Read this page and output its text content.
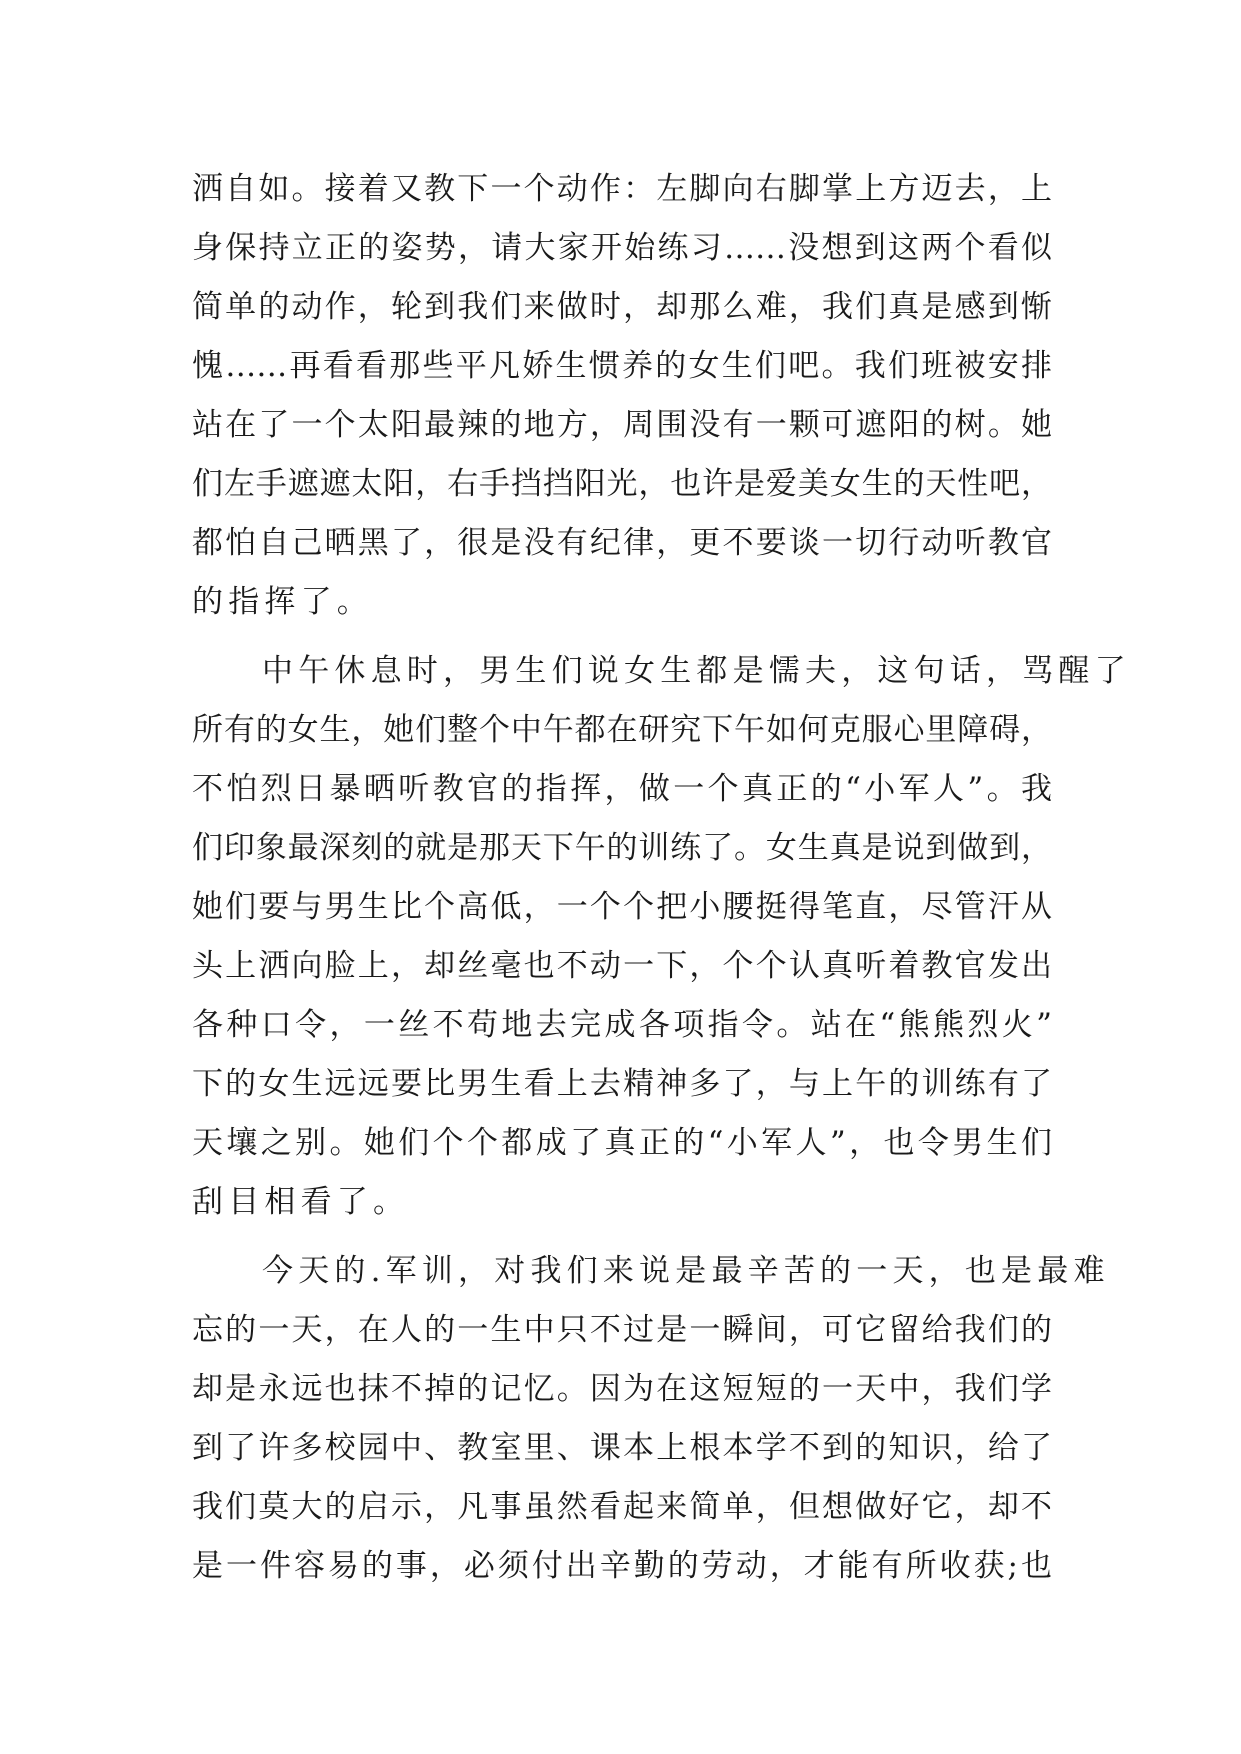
洒自如。接着又教下一个动作：左脚向右脚掌上方迈去，上
身保持立正的姿势，请大家开始练习……没想到这两个看似
简单的动作，轮到我们来做时，却那么难，我们真是感到惭
愧……再看看那些平凡娇生惯养的女生们吧。我们班被安排
站在了一个太阳最辣的地方，周围没有一颗可遮阳的树。她
们左手遮遮太阳，右手挡挡阳光，也许是爱美女生的天性吧，
都怕自己晒黑了，很是没有纪律，更不要谈一切行动听教官
的指挥了。
中午休息时，男生们说女生都是懦夫，这句话，骂醒了
所有的女生，她们整个中午都在研究下午如何克服心里障碍，
不怕烈日暴晒听教官的指挥，做一个真正的“小军人”。我
们印象最深刻的就是那天下午的训练了。女生真是说到做到，
她们要与男生比个高低，一个个把小腰挺得笔直，尽管汗从
头上洒向脸上，却丝毫也不动一下，个个认真听着教官发出
各种口令，一丝不苟地去完成各项指令。站在“熊熊烈火”
下的女生远远要比男生看上去精神多了，与上午的训练有了
天壤之别。她们个个都成了真正的“小军人”，也令男生们
刮目相看了。
今天的.军训，对我们来说是最辛苦的一天，也是最难
忘的一天，在人的一生中只不过是一瞬间，可它留给我们的
却是永远也抹不掉的记忆。因为在这短短的一天中，我们学
到了许多校园中、教室里、课本上根本学不到的知识，给了
我们莫大的启示，凡事虽然看起来简单，但想做好它，却不
是一件容易的事，必须付出辛勤的劳动，才能有所收获;也
